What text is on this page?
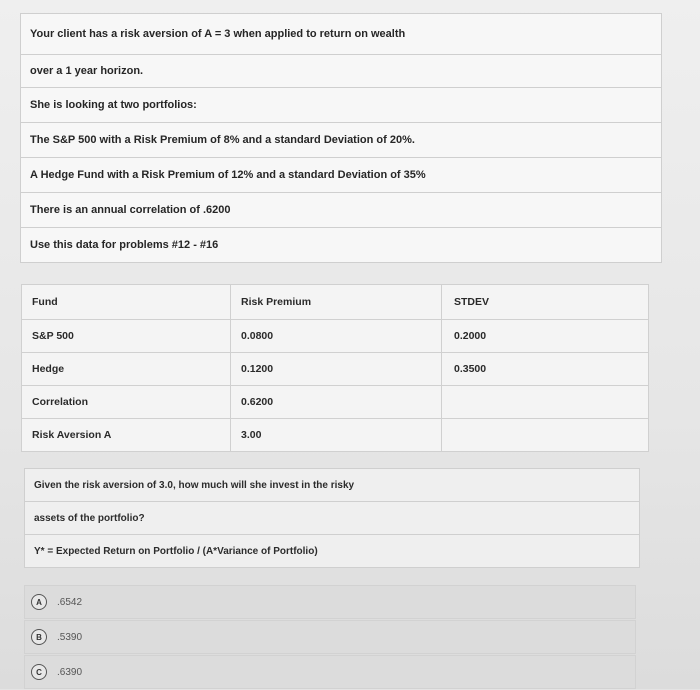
Your client has a risk aversion of A = 3 when applied to return on wealth
over a 1 year horizon.
She is looking at two portfolios:
The S&P 500 with a Risk Premium of 8% and a standard Deviation of 20%.
A Hedge Fund with a Risk Premium of 12% and a standard Deviation of 35%
There is an annual correlation of .6200
Use this data for problems #12 - #16
Fund	Risk Premium	STDEV
S&P 500	0.0800	0.2000
Hedge	0.1200	0.3500
Correlation	0.6200	
Risk Aversion A	3.00	
Given the risk aversion of 3.0, how much will she invest in the risky
assets of the portfolio?
Y* = Expected Return on Portfolio / (A*Variance of Portfolio)
A	.6542
B	.5390
C	.6390
